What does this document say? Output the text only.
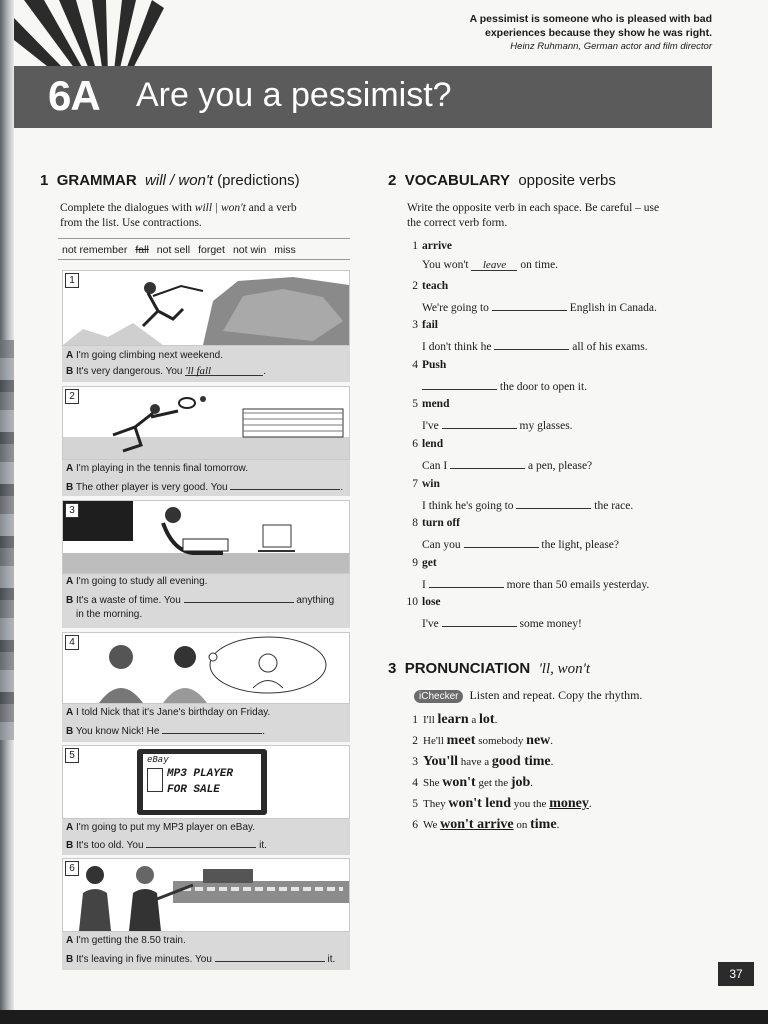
A pessimist is someone who is pleased with bad
experiences because they show he was right.
Heinz Ruhmann, German actor and film director
6A Are you a pessimist?
1 GRAMMAR will / won't (predictions)
Complete the dialogues with will | won't and a verb
from the list. Use contractions.
not remember fall not sell forget not win miss
1
A I'm going climbing next weekend.
B It's very dangerous. You 'll fall	.
2
A I'm playing in the tennis final tomorrow.
B The other player is very good. You	.
3
A I'm going to study all evening.
B It's a waste of time. You	anything
in the morning.
4
A I told Nick that it's Jane's birthday on Friday.
B You know Nick! He	.
eBay
MP3 PLAYER
FOR SALE
5
A I'm going to put my MP3 player on eBay.
B It's too old. You	it.
6
A I'm getting the 8.50 train.
B It's leaving in five minutes. You	it.
2 VOCABULARY opposite verbs
Write the opposite verb in each space. Be careful – use
the correct verb form.
1 arrive
You won't leave on time.
2 teach
We're going to	English in Canada.
3 fail
I don't think he	all of his exams.
4 Push
the door to open it.
5 mend
I've	my glasses.
6 lend
Can I	a pen, please?
7 win
I think he's going to	the race.
8 turn off
Can you	the light, please?
9 get
I	more than 50 emails yesterday.
10 lose
I've	some money!
3 PRONUNCIATION 'll, won't
iChecker Listen and repeat. Copy the rhythm.
1 I'll learn a lot.
2 He'll meet somebody new.
3 You'll have a good time.
4 She won't get the job.
5 They won't lend you the money.
6 We won't arrive on time.
37
